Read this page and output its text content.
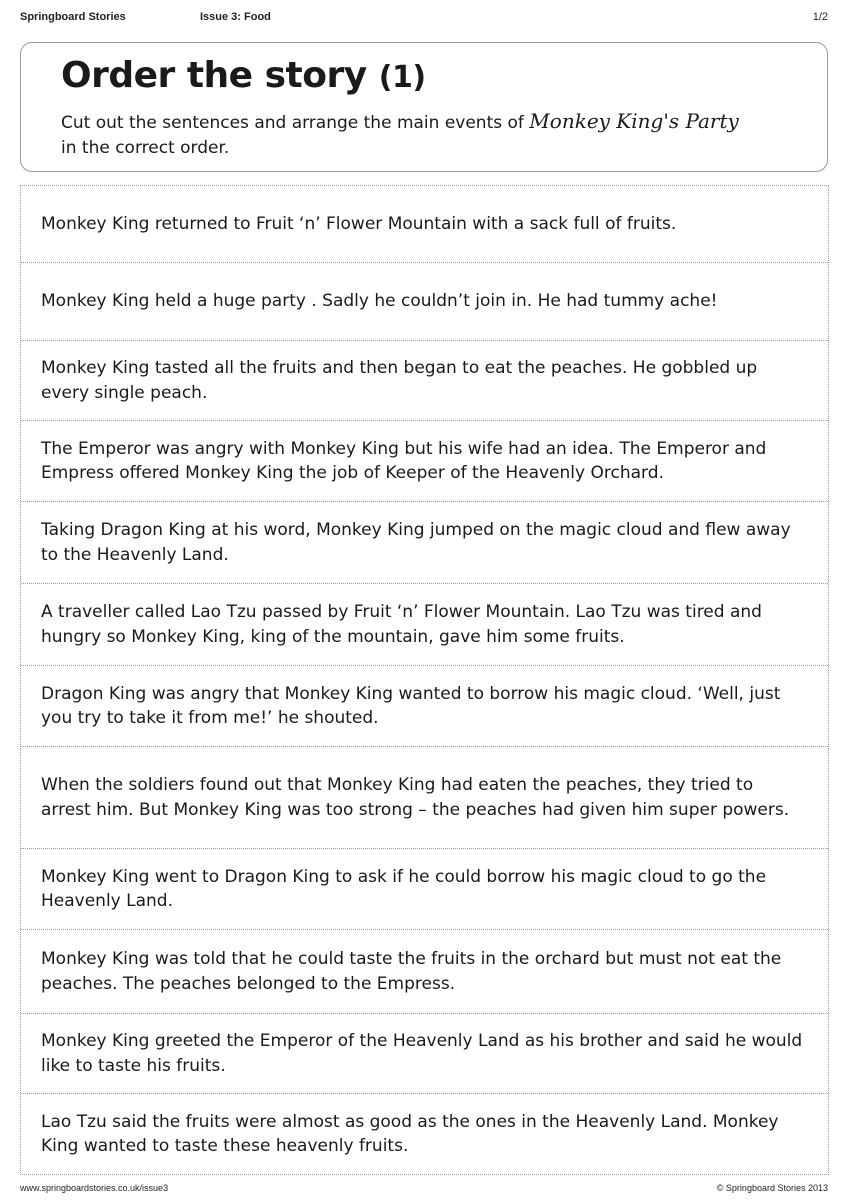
Springboard Stories	Issue 3: Food	1/2
Order the story (1)
Cut out the sentences and arrange the main events of Monkey King's Party
in the correct order.
Monkey King returned to Fruit ‘n’ Flower Mountain with a sack full of fruits.
Monkey King held a huge party . Sadly he couldn’t join in. He had tummy ache!
Monkey King tasted all the fruits and then began to eat the peaches. He gobbled up every single peach.
The Emperor was angry with Monkey King but his wife had an idea. The Emperor and Empress offered Monkey King the job of Keeper of the Heavenly Orchard.
Taking Dragon King at his word, Monkey King jumped on the magic cloud and flew away to the Heavenly Land.
A traveller called Lao Tzu passed by Fruit ‘n’ Flower Mountain. Lao Tzu was tired and hungry so Monkey King, king of the mountain, gave him some fruits.
Dragon King was angry that Monkey King wanted to borrow his magic cloud. ‘Well, just you try to take it from me!’ he shouted.
When the soldiers found out that Monkey King had eaten the peaches, they tried to arrest him. But Monkey King was too strong – the peaches had given him super powers.
Monkey King went to Dragon King to ask if he could borrow his magic cloud to go the Heavenly Land.
Monkey King was told that he could taste the fruits in the orchard but must not eat the peaches. The peaches belonged to the Empress.
Monkey King greeted the Emperor of the Heavenly Land as his brother and said he would like to taste his fruits.
Lao Tzu said the fruits were almost as good as the ones in the Heavenly Land. Monkey King wanted to taste these heavenly fruits.
www.springboardstories.co.uk/issue3	© Springboard Stories 2013
